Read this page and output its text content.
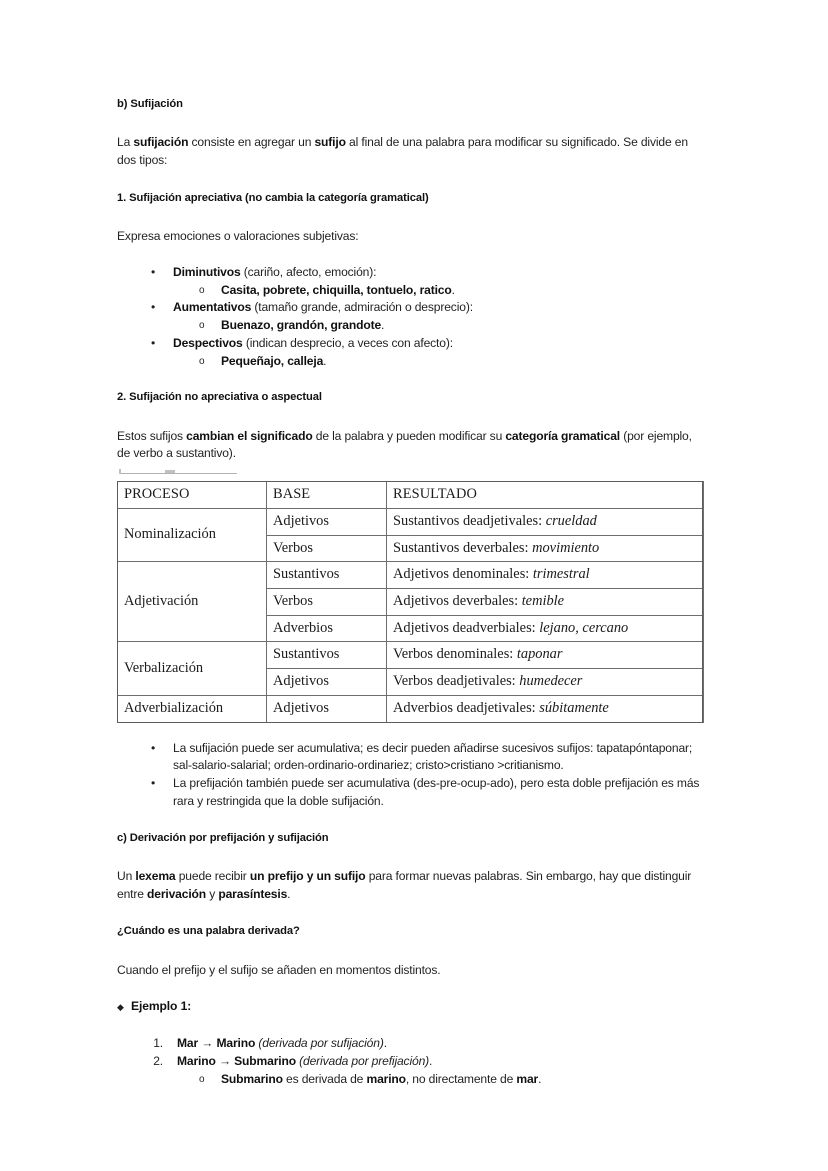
b) Sufijación

La sufijación consiste en agregar un sufijo al final de una palabra para modificar su significado. Se divide en dos tipos:

1. Sufijación apreciativa (no cambia la categoría gramatical)

Expresa emociones o valoraciones subjetivas:

• Diminutivos (cariño, afecto, emoción):
o Casita, pobrete, chiquilla, tontuelo, ratico.
• Aumentativos (tamaño grande, admiración o desprecio):
o Buenazo, grandón, grandote.
• Despectivos (indican desprecio, a veces con afecto):
o Pequeñajo, calleja.

2. Sufijación no apreciativa o aspectual

Estos sufijos cambian el significado de la palabra y pueden modificar su categoría gramatical (por ejemplo, de verbo a sustantivo).

PROCESO	BASE	RESULTADO
Nominalización	Adjetivos	Sustantivos deadjetivales: crueldad
	Verbos	Sustantivos deverbales: movimiento
Adjetivación	Sustantivos	Adjetivos denominales: trimestral
	Verbos	Adjetivos deverbales: temible
	Adverbios	Adjetivos deadverbiales: lejano, cercano
Verbalización	Sustantivos	Verbos denominales: taponar
	Adjetivos	Verbos deadjetivales: humedecer
Adverbialización	Adjetivos	Adverbios deadjetivales: súbitamente
• La sufijación puede ser acumulativa; es decir pueden añadirse sucesivos sufijos: tapatapóntaponar; sal-salario-salarial; orden-ordinario-ordinariez; cristo>cristiano >critianismo.
• La prefijación también puede ser acumulativa (des-pre-ocup-ado), pero esta doble prefijación es más rara y restringida que la doble sufijación.

c) Derivación por prefijación y sufijación

Un lexema puede recibir un prefijo y un sufijo para formar nuevas palabras. Sin embargo, hay que distinguir entre derivación y parasíntesis.

¿Cuándo es una palabra derivada?

Cuando el prefijo y el sufijo se añaden en momentos distintos.

◆ Ejemplo 1:
1. Mar → Marino (derivada por sufijación).
2. Marino → Submarino (derivada por prefijación).
o Submarino es derivada de marino, no directamente de mar.
